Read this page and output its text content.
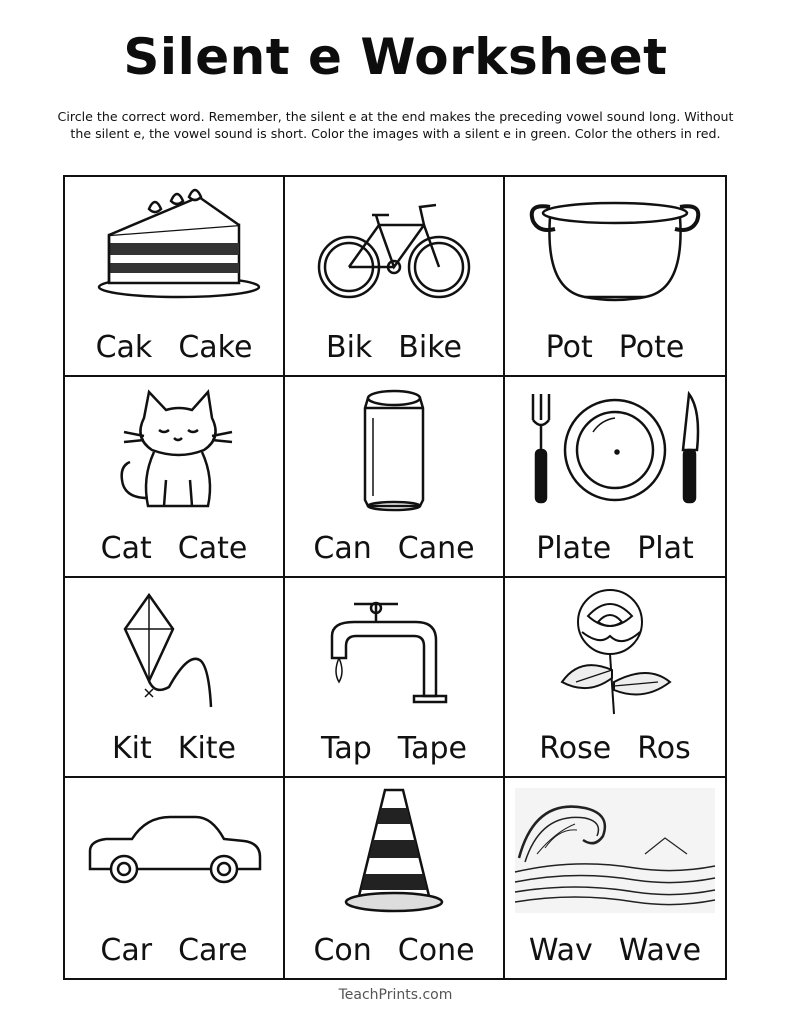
Silent e Worksheet
Circle the correct word. Remember, the silent e at the end makes the preceding vowel sound long. Without the silent e, the vowel sound is short. Color the images with a silent e in green. Color the others in red.
Cak Cake Bik Bike	Pot Pote
Cat Cate Can Cane Plate Plat
Kit Kite	Tap Tape Rose Ros
Car Care Con Cone Wav Wave
TeachPrints.com
